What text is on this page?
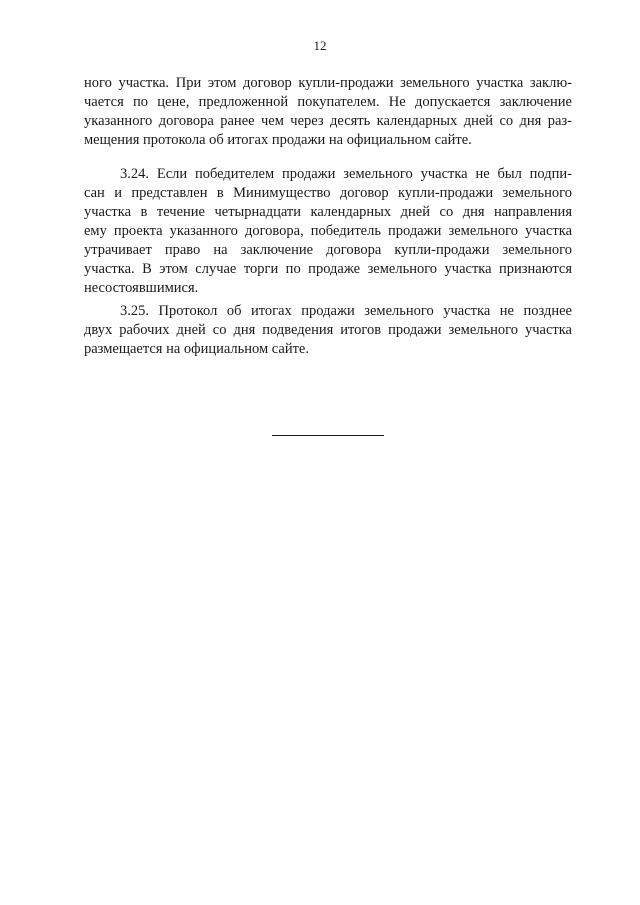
12
ного участка. При этом договор купли-продажи земельного участка заклю-
чается по цене, предложенной покупателем. Не допускается заключение
указанного договора ранее чем через десять календарных дней со дня раз-
мещения протокола об итогах продажи на официальном сайте.
3.24. Если победителем продажи земельного участка не был подпи-
сан и представлен в Минимущество договор купли-продажи земельного
участка в течение четырнадцати календарных дней со дня направления
ему проекта указанного договора, победитель продажи земельного участка
утрачивает право на заключение договора купли-продажи земельного
участка. В этом случае торги по продаже земельного участка признаются
несостоявшимися.
3.25. Протокол об итогах продажи земельного участка не позднее
двух рабочих дней со дня подведения итогов продажи земельного участка
размещается на официальном сайте.
